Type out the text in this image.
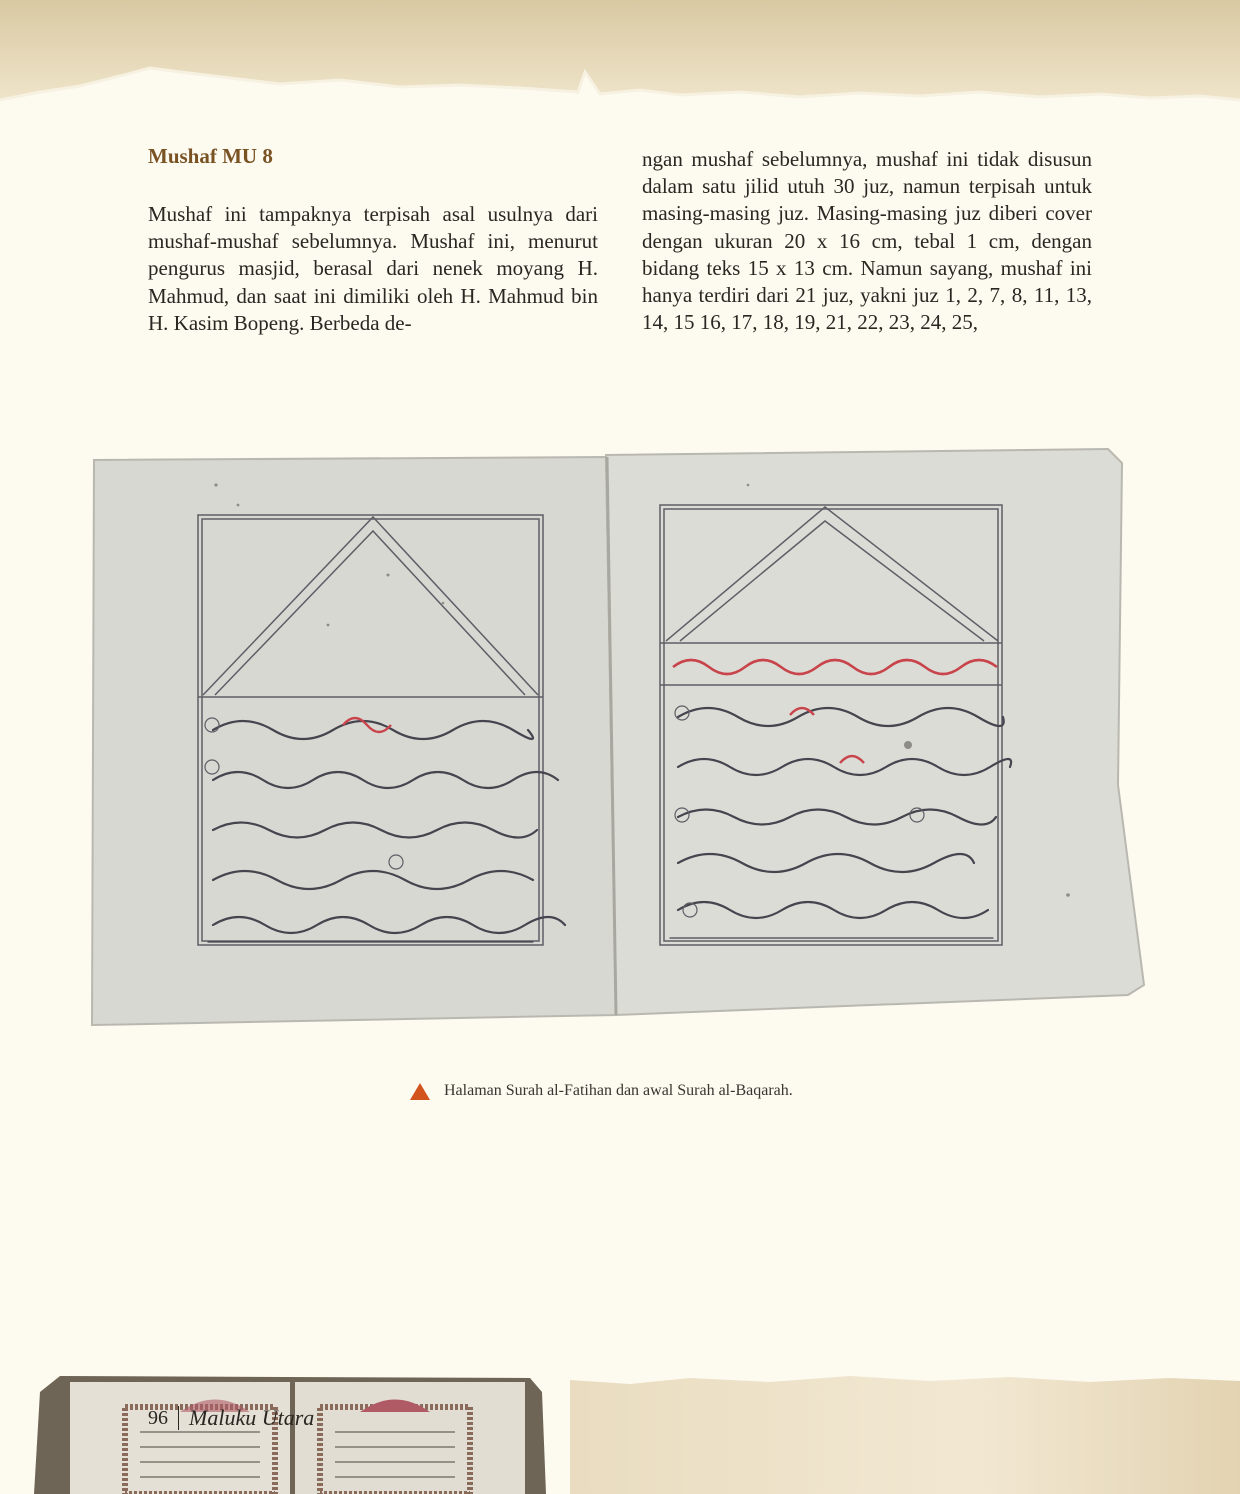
Mushaf MU 8

Mushaf ini tampaknya terpisah asal usulnya dari mushaf-mushaf sebelumnya. Mushaf ini, menurut pengurus masjid, berasal dari nenek moyang H. Mahmud, dan saat ini dimiliki oleh H. Mahmud bin H. Kasim Bopeng. Berbeda de-

ngan mushaf sebelumnya, mushaf ini tidak disusun dalam satu jilid utuh 30 juz, namun terpisah untuk masing-masing juz. Masing-masing juz diberi cover dengan ukuran 20 x 16 cm, tebal 1 cm, dengan bidang teks 15 x 13 cm. Namun sayang, mushaf ini hanya terdiri dari 21 juz, yakni juz 1, 2, 7, 8, 11, 13, 14, 15 16, 17, 18, 19, 21, 22, 23, 24, 25,

Halaman Surah al-Fatihan dan awal Surah al-Baqarah.
96 Maluku Utara
